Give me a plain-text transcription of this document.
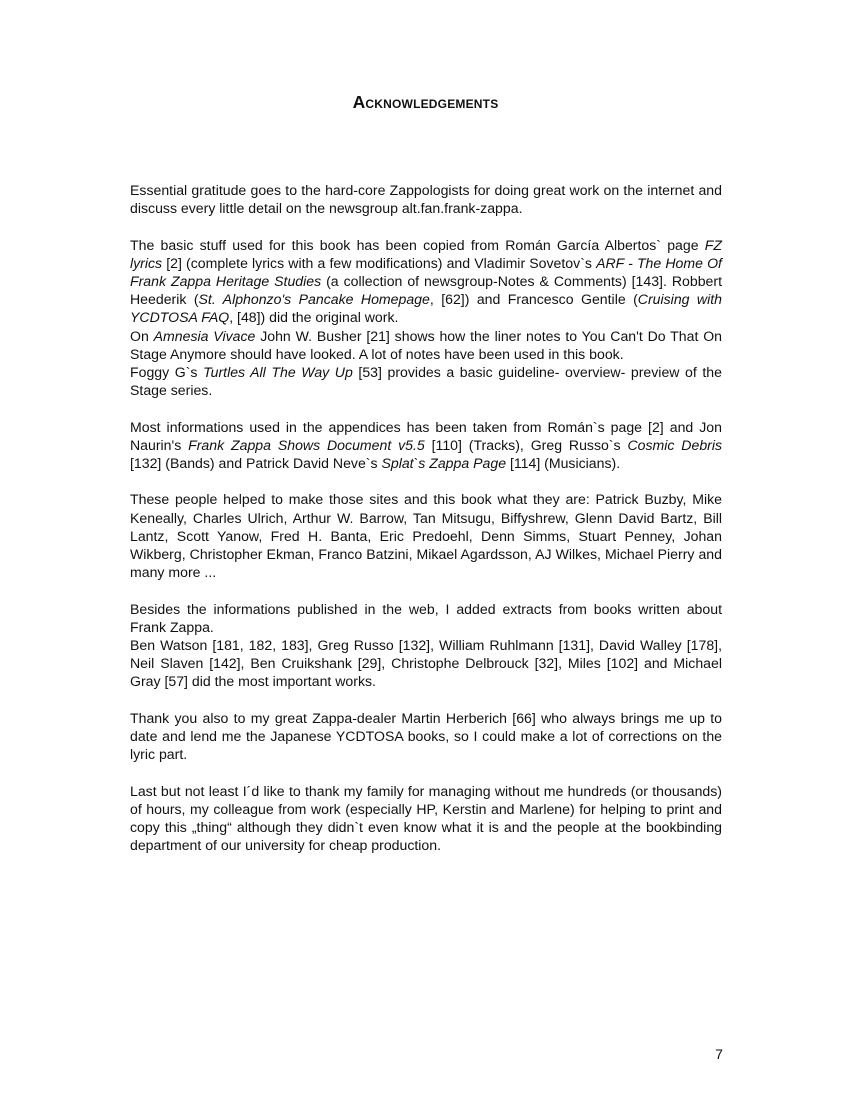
Acknowledgements

Essential gratitude goes to the hard-core Zappologists for doing great work on the internet and discuss every little detail on the newsgroup alt.fan.frank-zappa.

The basic stuff used for this book has been copied from Román García Albertos` page FZ lyrics [2] (complete lyrics with a few modifications) and Vladimir Sovetov`s ARF - The Home Of Frank Zappa Heritage Studies (a collection of newsgroup-Notes & Comments) [143]. Robbert Heederik (St. Alphonzo's Pancake Homepage, [62]) and Francesco Gentile (Cruising with YCDTOSA FAQ, [48]) did the original work.
On Amnesia Vivace John W. Busher [21] shows how the liner notes to You Can't Do That On Stage Anymore should have looked. A lot of notes have been used in this book.
Foggy G`s Turtles All The Way Up [53] provides a basic guideline- overview- preview of the Stage series.

Most informations used in the appendices has been taken from Román`s page [2] and Jon Naurin's Frank Zappa Shows Document v5.5 [110] (Tracks), Greg Russo`s Cosmic Debris [132] (Bands) and Patrick David Neve`s Splat`s Zappa Page [114] (Musicians).

These people helped to make those sites and this book what they are: Patrick Buzby, Mike Keneally, Charles Ulrich, Arthur W. Barrow, Tan Mitsugu, Biffyshrew, Glenn David Bartz, Bill Lantz, Scott Yanow, Fred H. Banta, Eric Predoehl, Denn Simms, Stuart Penney, Johan Wikberg, Christopher Ekman, Franco Batzini, Mikael Agardsson, AJ Wilkes, Michael Pierry and many more ...

Besides the informations published in the web, I added extracts from books written about Frank Zappa.
Ben Watson [181, 182, 183], Greg Russo [132], William Ruhlmann [131], David Walley [178], Neil Slaven [142], Ben Cruikshank [29], Christophe Delbrouck [32], Miles [102] and Michael Gray [57] did the most important works.

Thank you also to my great Zappa-dealer Martin Herberich [66] who always brings me up to date and lend me the Japanese YCDTOSA books, so I could make a lot of corrections on the lyric part.

Last but not least I´d like to thank my family for managing without me hundreds (or thousands) of hours, my colleague from work (especially HP, Kerstin and Marlene) for helping to print and copy this „thing“ although they didn`t even know what it is and the people at the bookbinding department of our university for cheap production.

7
